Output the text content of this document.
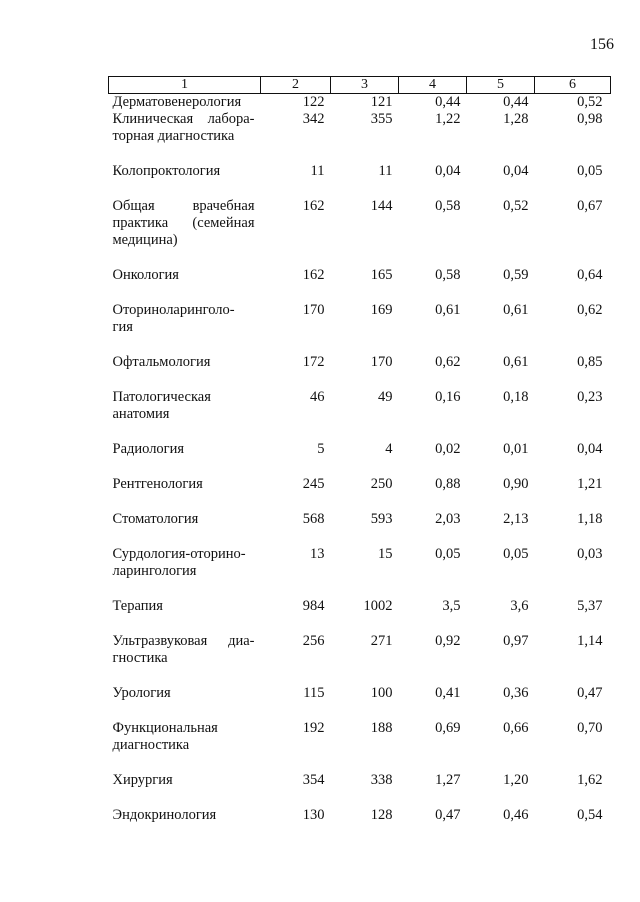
156
1	2	3	4	5	6
Дерматовенерология	122	121	0,44	0,44	0,52
Клиническая лабора-торная диагностика	342	355	1,22	1,28	0,98
Колопроктология	11	11	0,04	0,04	0,05
Общая врачебная практика (семейная медицина)	162	144	0,58	0,52	0,67
Онкология	162	165	0,58	0,59	0,64
Оториноларинголо-гия	170	169	0,61	0,61	0,62
Офтальмология	172	170	0,62	0,61	0,85
Патологическая анатомия	46	49	0,16	0,18	0,23
Радиология	5	4	0,02	0,01	0,04
Рентгенология	245	250	0,88	0,90	1,21
Стоматология	568	593	2,03	2,13	1,18
Сурдология-оторино-ларингология	13	15	0,05	0,05	0,03
Терапия	984	1002	3,5	3,6	5,37
Ультразвуковая диа-гностика	256	271	0,92	0,97	1,14
Урология	115	100	0,41	0,36	0,47
Функциональная диагностика	192	188	0,69	0,66	0,70
Хирургия	354	338	1,27	1,20	1,62
Эндокринология	130	128	0,47	0,46	0,54
